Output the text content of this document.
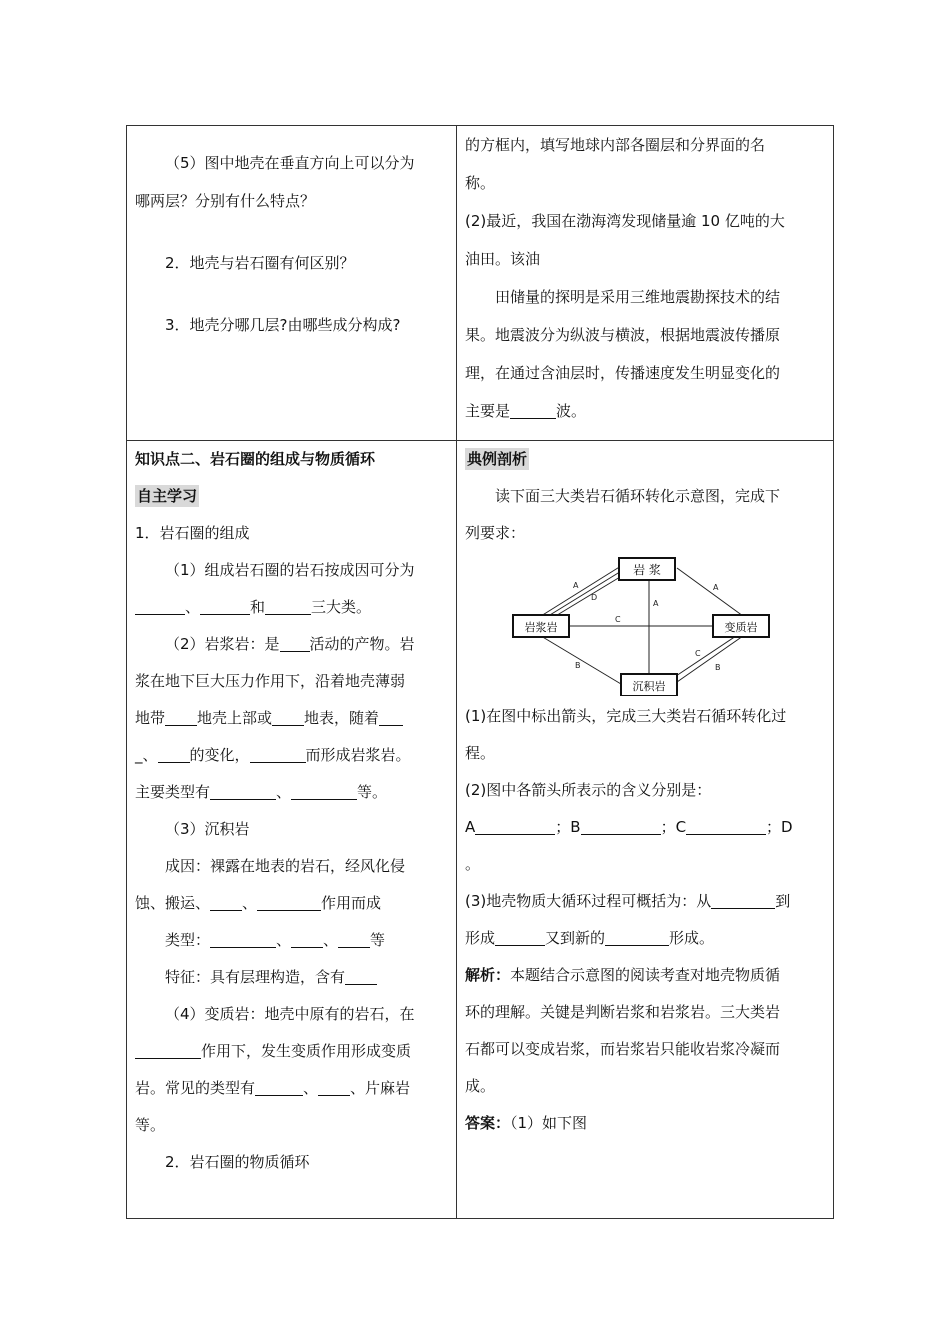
（5）图中地壳在垂直方向上可以分为

哪两层？分别有什么特点？

2．地壳与岩石圈有何区别？

3．地壳分哪几层?由哪些成分构成?

的方框内，填写地球内部各圈层和分界面的名

称。

(2)最近，我国在渤海湾发现储量逾 10 亿吨的大

油田。该油

田储量的探明是采用三维地震勘探技术的结

果。地震波分为纵波与横波，根据地震波传播原

理，在通过含油层时，传播速度发生明显变化的

主要是	波。

知识点二、岩石圈的组成与物质循环

自主学习

1．岩石圈的组成

（1）组成岩石圈的岩石按成因可分为

、	和	三大类。

（2）岩浆岩：是 活动的产物。岩

浆在地下巨大压力作用下，沿着地壳薄弱

地带 地壳上部或 地表，随着

_、 的变化，	而形成岩浆岩。

主要类型有	、	等。

（3）沉积岩

成因：裸露在地表的岩石，经风化侵

蚀、搬运、 、	作用而成

类型：	、 、 等

特征：具有层理构造，含有

（4）变质岩：地壳中原有的岩石，在

作用下，发生变质作用形成变质

岩。常见的类型有	、 、片麻岩

等。

2．岩石圈的物质循环

典例剖析

读下面三大类岩石循环转化示意图，完成下

列要求：

岩 浆
岩浆岩	变质岩
沉积岩
A
D
A
A
C
B
C
B

(1)在图中标出箭头，完成三大类岩石循环转化过

程。

(2)图中各箭头所表示的含义分别是：

A	；B	；C	；D

。

(3)地壳物质大循环过程可概括为：从	到

形成	又到新的	形成。

解析：本题结合示意图的阅读考查对地壳物质循

环的理解。关键是判断岩浆和岩浆岩。三大类岩

石都可以变成岩浆，而岩浆岩只能收岩浆冷凝而

成。

答案：（1）如下图
